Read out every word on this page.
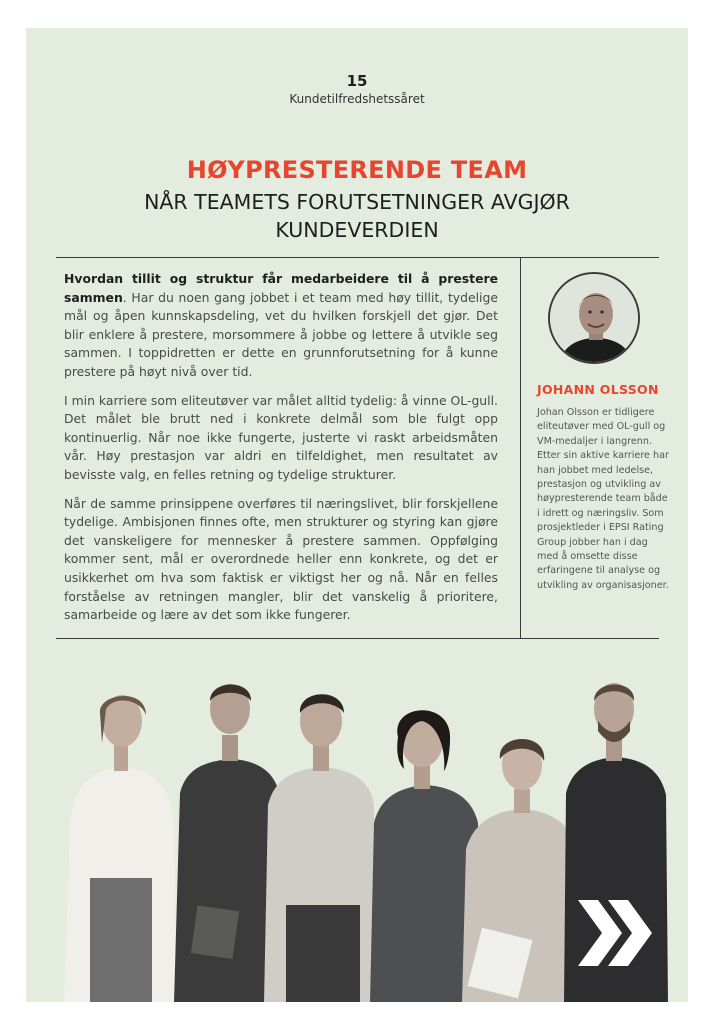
15
Kundetilfredshetssåret
HØYPRESTERENDE TEAM
NÅR TEAMETS FORUTSETNINGER AVGJØR KUNDEVERDIEN

Hvordan tillit og struktur får medarbeidere til å prestere sammen. Har du noen gang jobbet i et team med høy tillit, tydelige mål og åpen kunnskapsdeling, vet du hvilken forskjell det gjør. Det blir enklere å prestere, morsommere å jobbe og lettere å utvikle seg sammen. I toppidretten er dette en grunnforutsetning for å kunne prestere på høyt nivå over tid.

I min karriere som eliteutøver var målet alltid tydelig: å vinne OL-gull. Det målet ble brutt ned i konkrete delmål som ble fulgt opp kontinuerlig. Når noe ikke fungerte, justerte vi raskt arbeidsmåten vår. Høy prestasjon var aldri en tilfeldighet, men resultatet av bevisste valg, en felles retning og tydelige strukturer.

Når de samme prinsippene overføres til næringslivet, blir forskjellene tydelige. Ambisjonen finnes ofte, men strukturer og styring kan gjøre det vanskeligere for mennesker å prestere sammen. Oppfølging kommer sent, mål er overordnede heller enn konkrete, og det er usikkerhet om hva som faktisk er viktigst her og nå. Når en felles forståelse av retningen mangler, blir det vanskelig å prioritere, samarbeide og lære av det som ikke fungerer.

JOHANN OLSSON
Johan Olsson er tidligere eliteutøver med OL-gull og VM-medaljer i langrenn. Etter sin aktive karriere har han jobbet med ledelse, prestasjon og utvikling av høypresterende team både i idrett og næringsliv. Som prosjektleder i EPSI Rating Group jobber han i dag med å omsette disse erfaringene til analyse og utvikling av organisasjoner.
